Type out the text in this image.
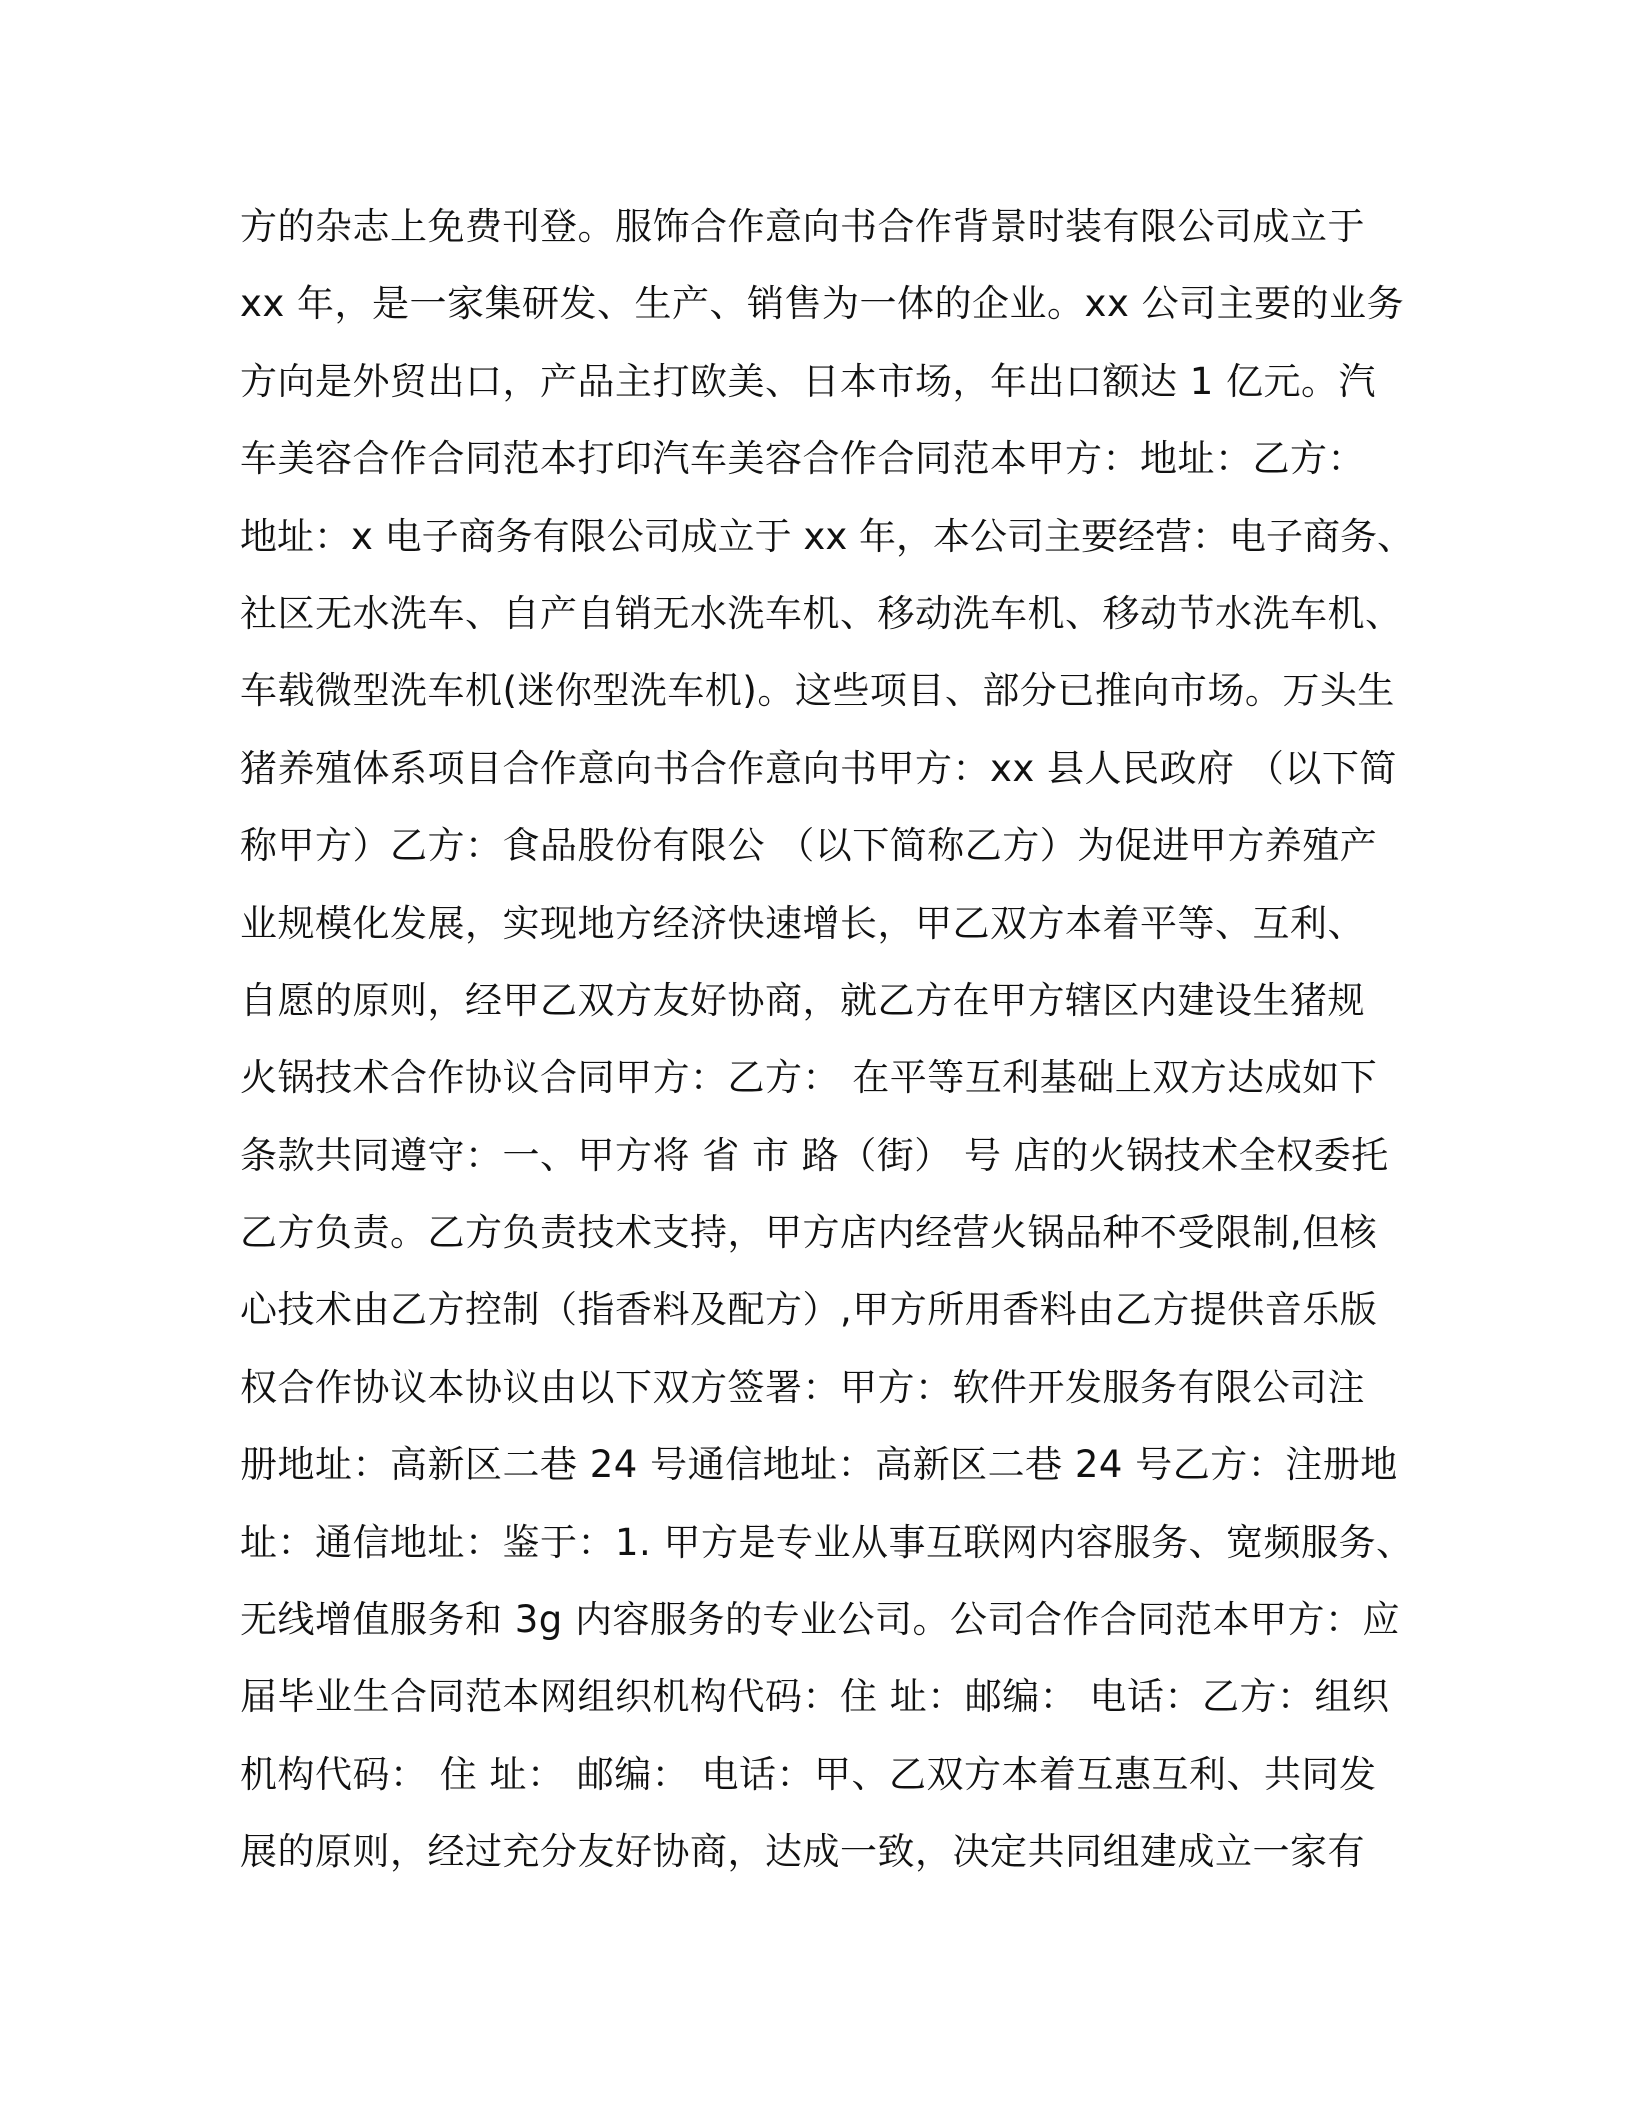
方的杂志上免费刊登。服饰合作意向书合作背景时装有限公司成立于
xx 年，是一家集研发、生产、销售为一体的企业。xx 公司主要的业务
方向是外贸出口，产品主打欧美、日本市场，年出口额达 1 亿元。汽
车美容合作合同范本打印汽车美容合作合同范本甲方：地址：乙方：
地址：x 电子商务有限公司成立于 xx 年，本公司主要经营：电子商务、
社区无水洗车、自产自销无水洗车机、移动洗车机、移动节水洗车机、
车载微型洗车机(迷你型洗车机)。这些项目、部分已推向市场。万头生
猪养殖体系项目合作意向书合作意向书甲方：xx 县人民政府 （以下简
称甲方）乙方：食品股份有限公 （以下简称乙方）为促进甲方养殖产
业规模化发展，实现地方经济快速增长，甲乙双方本着平等、互利、
自愿的原则，经甲乙双方友好协商，就乙方在甲方辖区内建设生猪规
火锅技术合作协议合同甲方：乙方： 在平等互利基础上双方达成如下
条款共同遵守：一、甲方将 省 市 路（街） 号 店的火锅技术全权委托
乙方负责。乙方负责技术支持，甲方店内经营火锅品种不受限制,但核
心技术由乙方控制（指香料及配方）,甲方所用香料由乙方提供音乐版
权合作协议本协议由以下双方签署：甲方：软件开发服务有限公司注
册地址：高新区二巷 24 号通信地址：高新区二巷 24 号乙方：注册地
址：通信地址：鉴于：1. 甲方是专业从事互联网内容服务、宽频服务、
无线增值服务和 3g 内容服务的专业公司。公司合作合同范本甲方：应
届毕业生合同范本网组织机构代码：住 址：邮编： 电话：乙方：组织
机构代码： 住 址： 邮编： 电话：甲、乙双方本着互惠互利、共同发
展的原则，经过充分友好协商，达成一致，决定共同组建成立一家有
